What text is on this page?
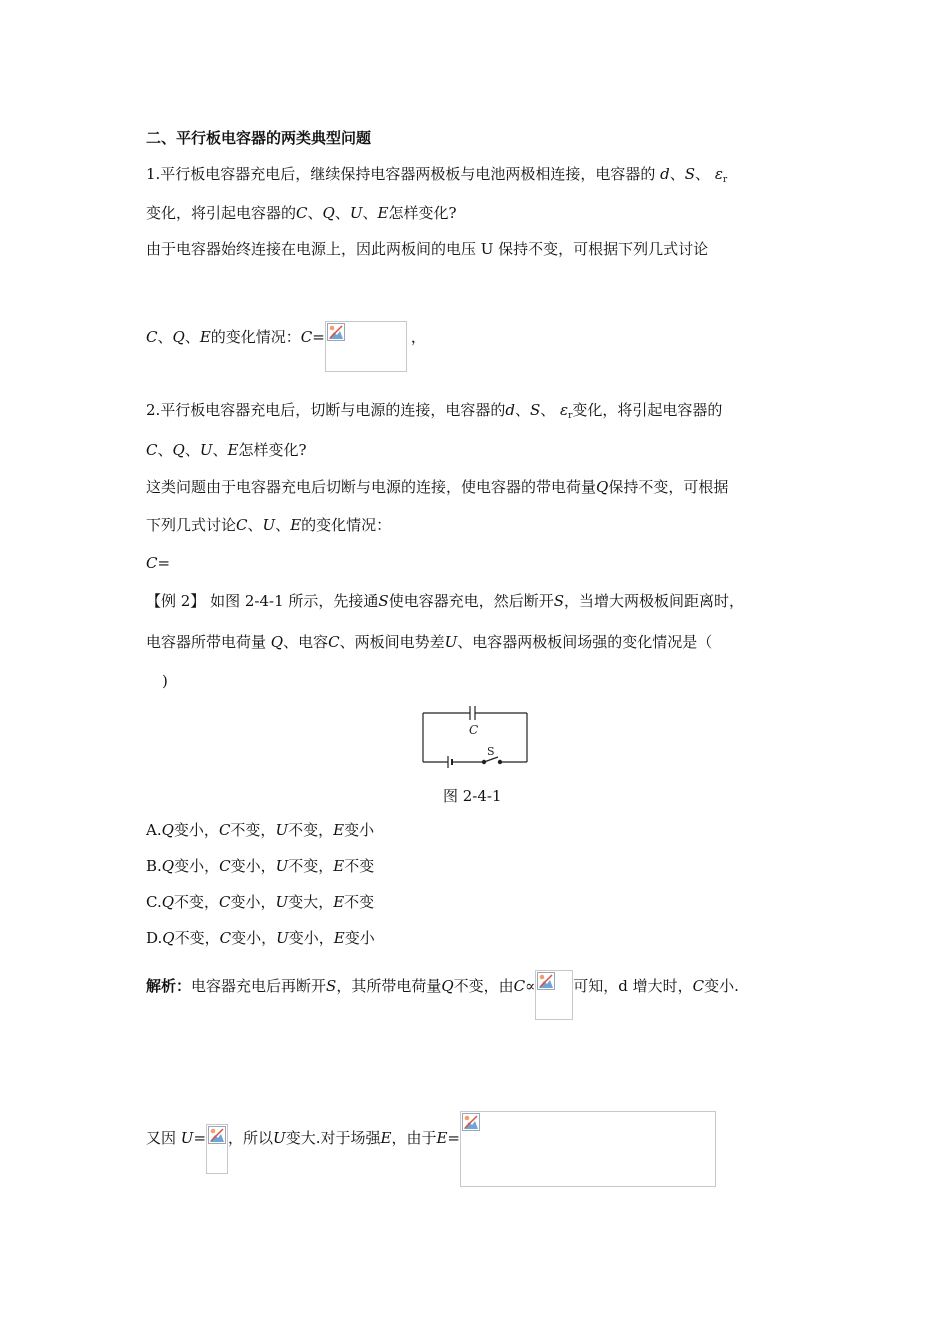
二、平行板电容器的两类典型问题
1.平行板电容器充电后，继续保持电容器两极板与电池两极相连接，电容器的 d、S、 $\varepsilon_r$
变化，将引起电容器的C、Q、U、E怎样变化?
由于电容器始终连接在电源上，因此两板间的电压 U 保持不变，可根据下列几式讨论
C、Q、E的变化情况：C=	，
2.平行板电容器充电后，切断与电源的连接，电容器的d、S、 $\varepsilon_r$变化，将引起电容器的
C、Q、U、E怎样变化?
这类问题由于电容器充电后切断与电源的连接，使电容器的带电荷量Q保持不变，可根据
下列几式讨论C、U、E的变化情况：
C=
【例 2】 如图 2-4-1 所示，先接通S使电容器充电，然后断开S，当增大两极板间距离时，
电容器所带电荷量 Q、电容C、两板间电势差U、电容器两极板间场强的变化情况是（
)
C
S
图 2-4-1
A.Q变小，C不变，U不变，E变小
B.Q变小，C变小，U不变，E不变
C.Q不变，C变小，U变大，E不变
D.Q不变，C变小，U变小，E变小
解析：电容器充电后再断开S，其所带电荷量Q不变，由C∝	可知，d 增大时，C变小.
又因 U= ，所以U变大.对于场强E，由于E=
